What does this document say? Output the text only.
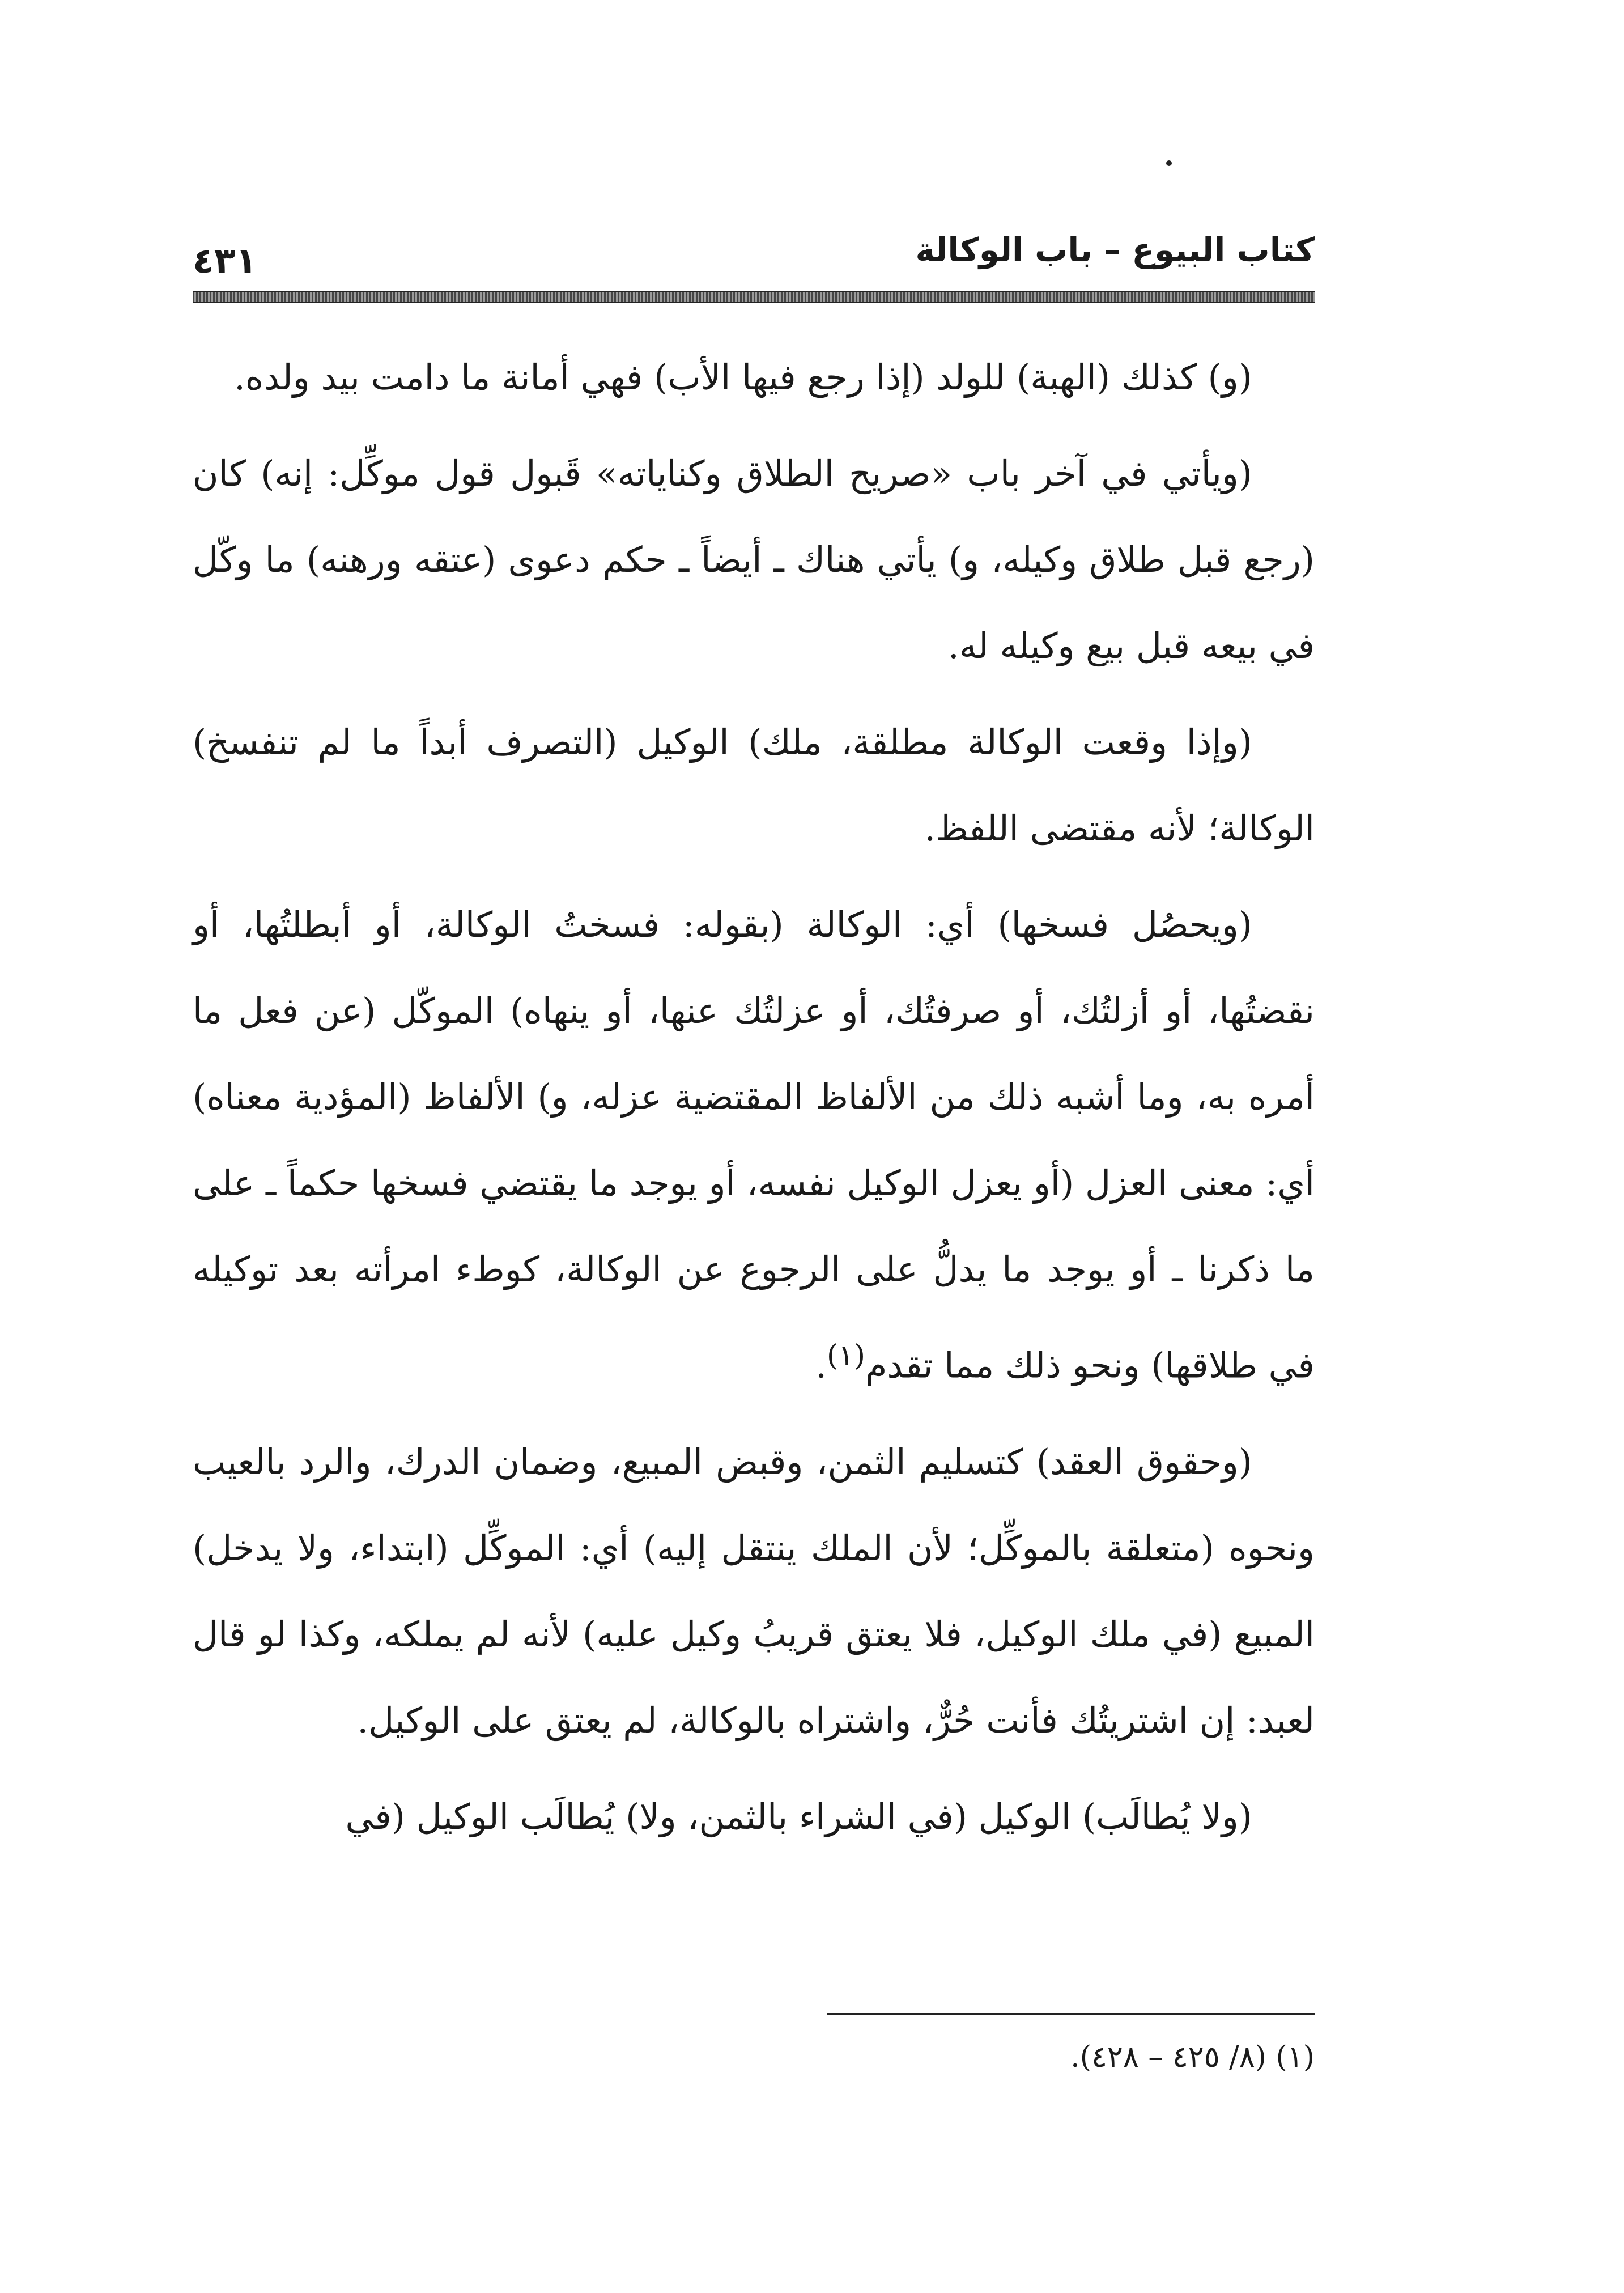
كتاب البيوع – باب الوكالة
٤٣١

(و) كذلك (الهبة) للولد (إذا رجع فيها الأب) فهي أمانة ما دامت بيد ولده.

(ويأتي في آخر باب «صريح الطلاق وكناياته» قَبول قول موكِّل: إنه) كان (رجع قبل طلاق وكيله، و) يأتي هناك ـ أيضاً ـ حكم دعوى (عتقه ورهنه) ما وكّل في بيعه قبل بيع وكيله له.

(وإذا وقعت الوكالة مطلقة، ملك) الوكيل (التصرف أبداً ما لم تنفسخ) الوكالة؛ لأنه مقتضى اللفظ.

(ويحصُل فسخها) أي: الوكالة (بقوله: فسختُ الوكالة، أو أبطلتُها، أو نقضتُها، أو أزلتُك، أو صرفتُك، أو عزلتُك عنها، أو ينهاه) الموكّل (عن فعل ما أمره به، وما أشبه ذلك من الألفاظ المقتضية عزله، و) الألفاظ (المؤدية معناه) أي: معنى العزل (أو يعزل الوكيل نفسه، أو يوجد ما يقتضي فسخها حكماً ـ على ما ذكرنا ـ أو يوجد ما يدلُّ على الرجوع عن الوكالة، كوطء امرأته بعد توكيله في طلاقها) ونحو ذلك مما تقدم$^{(١)}$.

(وحقوق العقد) كتسليم الثمن، وقبض المبيع، وضمان الدرك، والرد بالعيب ونحوه (متعلقة بالموكِّل؛ لأن الملك ينتقل إليه) أي: الموكِّل (ابتداء، ولا يدخل) المبيع (في ملك الوكيل، فلا يعتق قريبُ وكيل عليه) لأنه لم يملكه، وكذا لو قال لعبد: إن اشتريتُك فأنت حُرٌّ، واشتراه بالوكالة، لم يعتق على الوكيل.

(ولا يُطالَب) الوكيل (في الشراء بالثمن، ولا) يُطالَب الوكيل (في

(١) (٨/ ٤٢٥ – ٤٢٨).
